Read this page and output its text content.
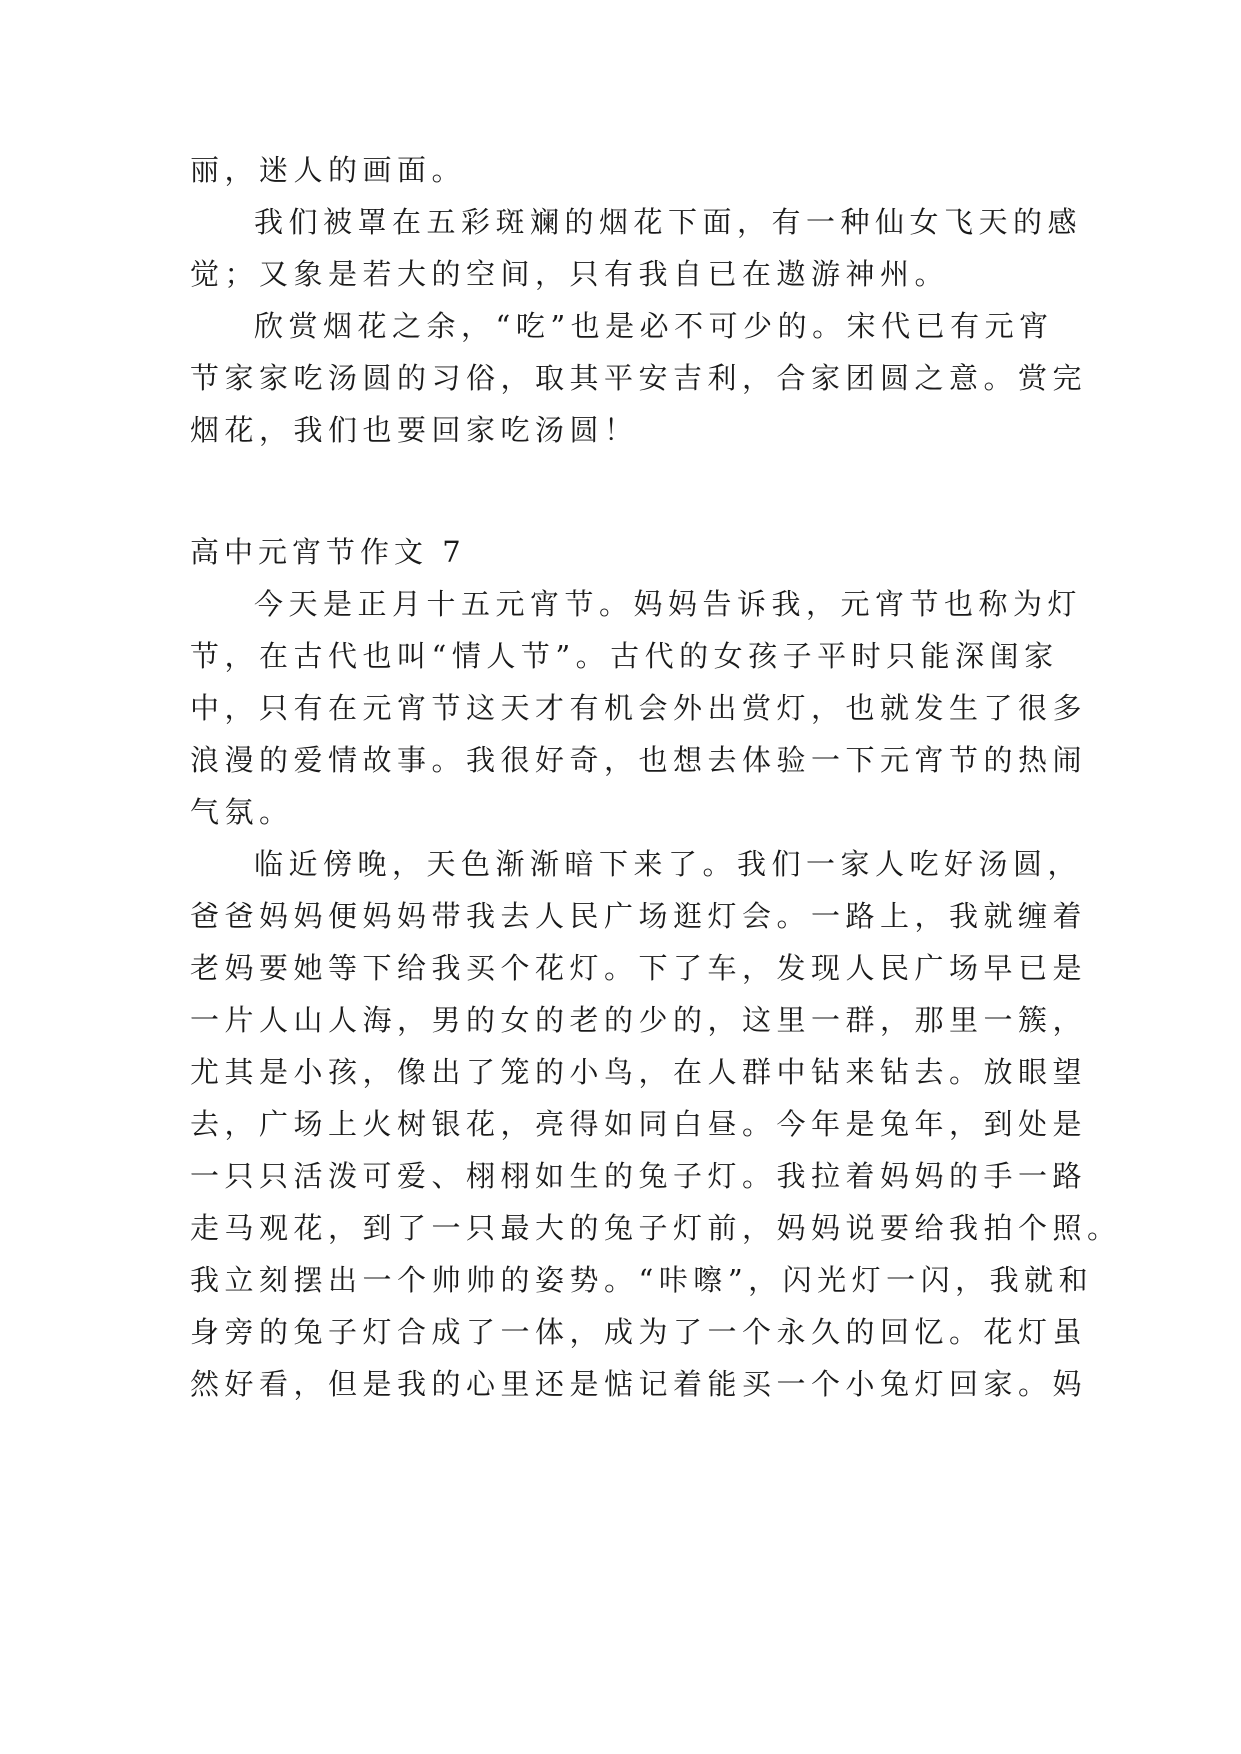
丽，迷人的画面。

我们被罩在五彩斑斓的烟花下面，有一种仙女飞天的感

觉；又象是若大的空间，只有我自已在遨游神州。

欣赏烟花之余，“吃”也是必不可少的。宋代已有元宵

节家家吃汤圆的习俗，取其平安吉利，合家团圆之意。赏完

烟花，我们也要回家吃汤圆！

高中元宵节作文 7

今天是正月十五元宵节。妈妈告诉我，元宵节也称为灯

节，在古代也叫“情人节”。古代的女孩子平时只能深闺家

中，只有在元宵节这天才有机会外出赏灯，也就发生了很多

浪漫的爱情故事。我很好奇，也想去体验一下元宵节的热闹

气氛。

临近傍晚，天色渐渐暗下来了。我们一家人吃好汤圆，

爸爸妈妈便妈妈带我去人民广场逛灯会。一路上，我就缠着

老妈要她等下给我买个花灯。下了车，发现人民广场早已是

一片人山人海，男的女的老的少的，这里一群，那里一簇，

尤其是小孩，像出了笼的小鸟，在人群中钻来钻去。放眼望

去，广场上火树银花，亮得如同白昼。今年是兔年，到处是

一只只活泼可爱、栩栩如生的兔子灯。我拉着妈妈的手一路

走马观花，到了一只最大的兔子灯前，妈妈说要给我拍个照。

我立刻摆出一个帅帅的姿势。“咔嚓”，闪光灯一闪，我就和

身旁的兔子灯合成了一体，成为了一个永久的回忆。花灯虽

然好看，但是我的心里还是惦记着能买一个小兔灯回家。妈
